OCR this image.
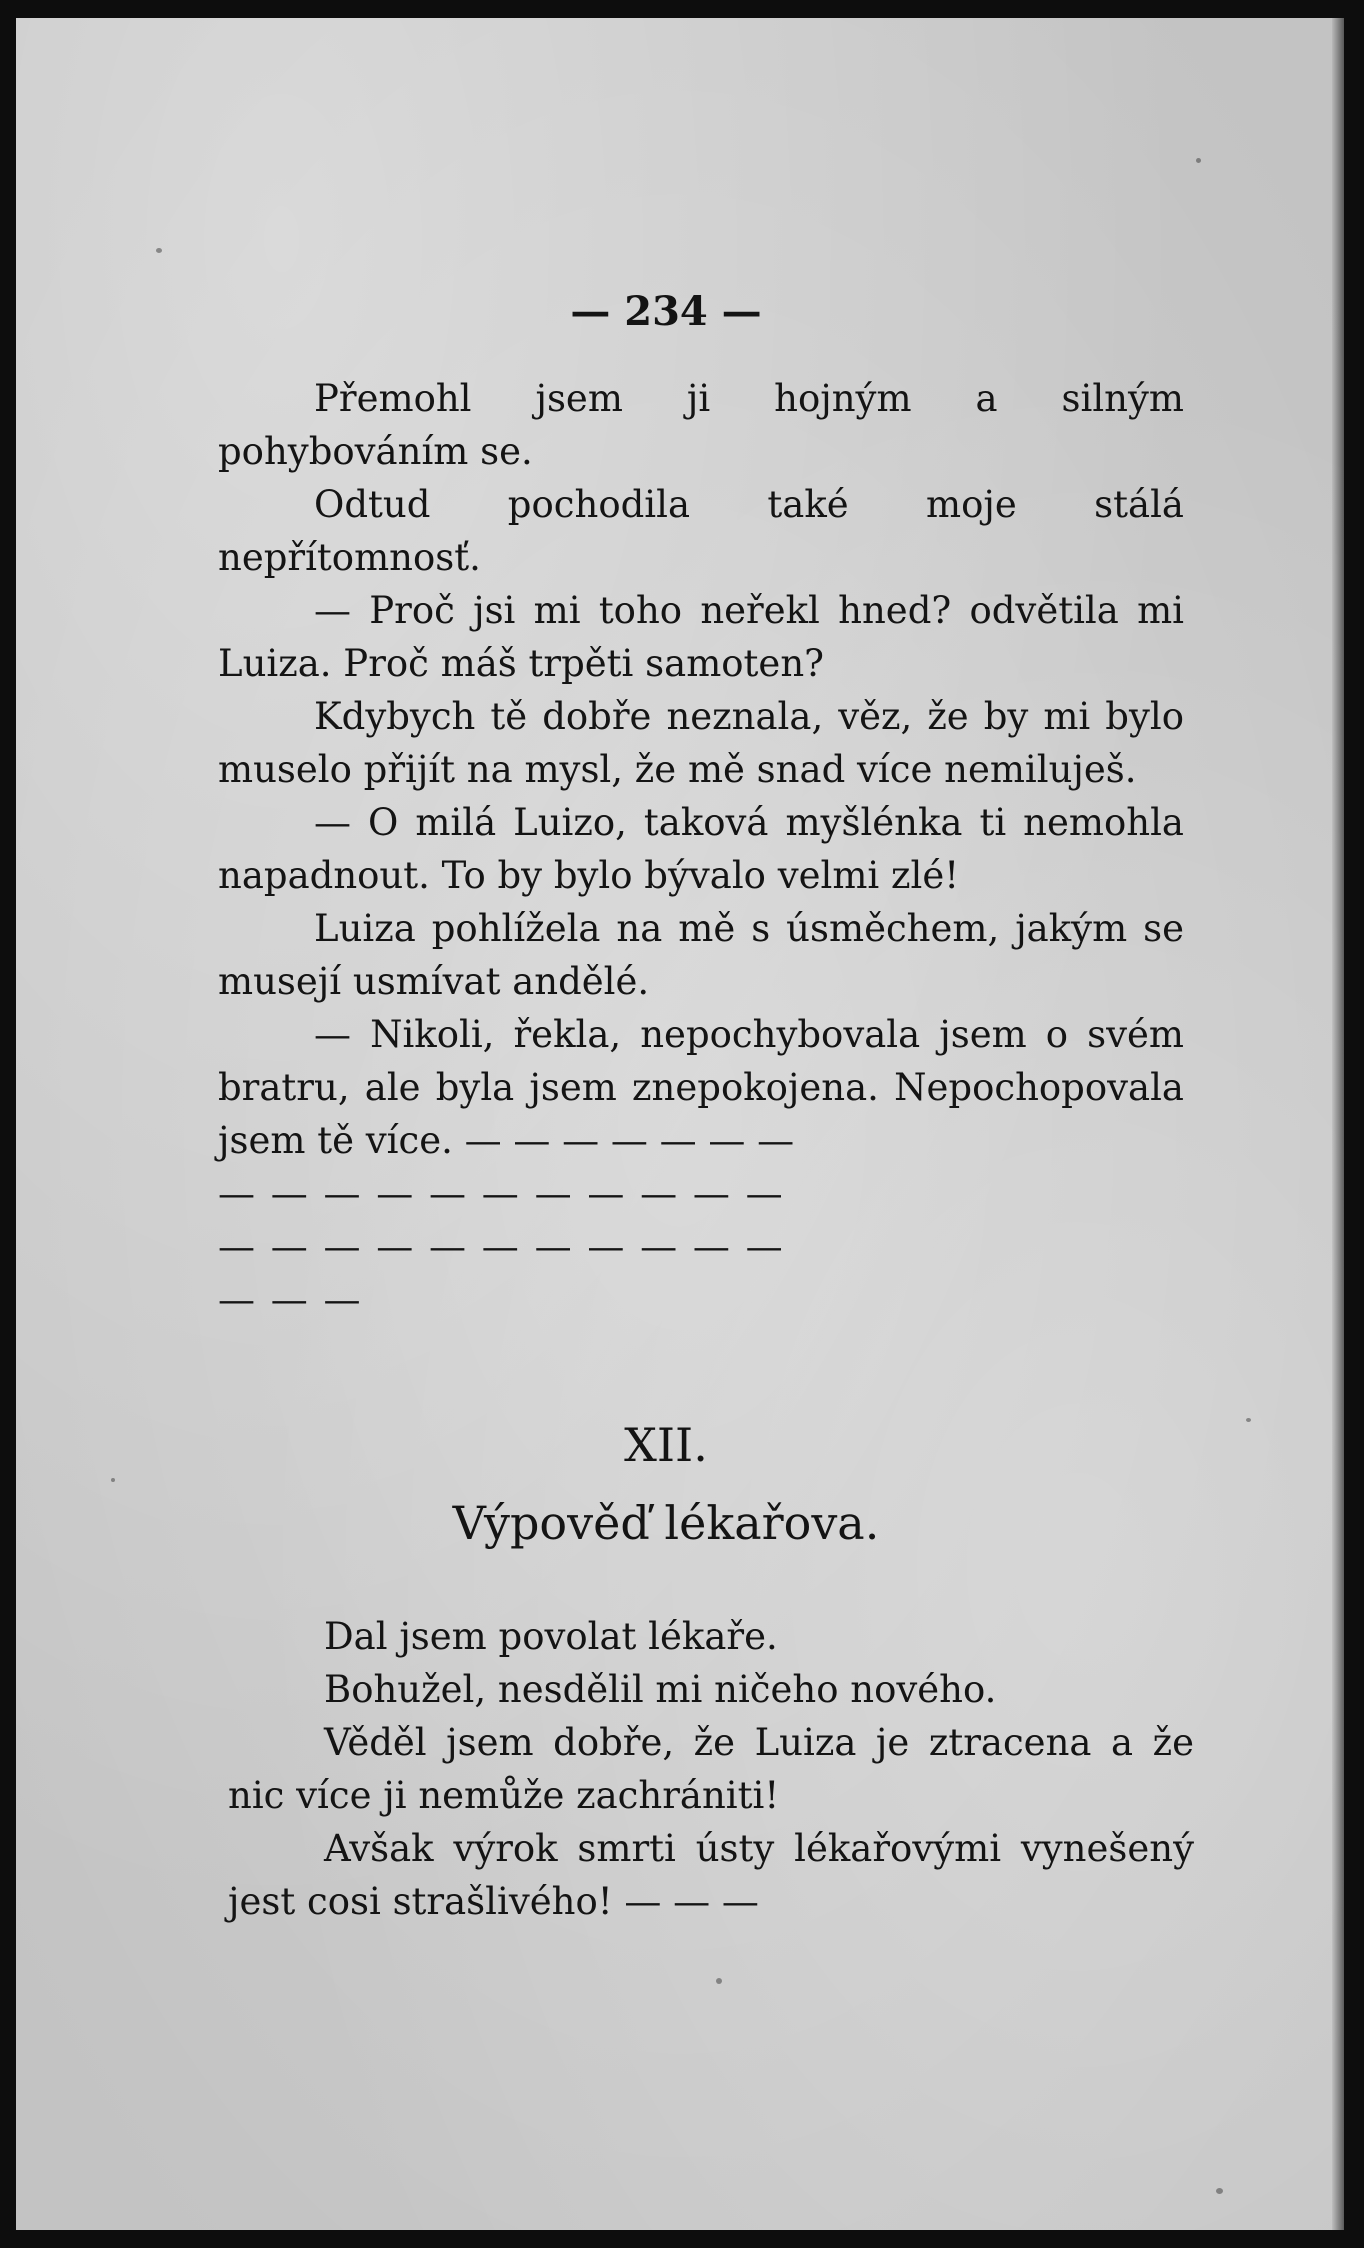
— 234 —

Přemohl jsem ji hojným a silným pohybováním se.

Odtud pochodila také moje stálá nepřítomnosť.

— Proč jsi mi toho neřekl hned? odvětila mi Luiza. Proč máš trpěti samoten?

Kdybych tě dobře neznala, věz, že by mi bylo muselo přijít na mysl, že mě snad více nemiluješ.

— O milá Luizo, taková myšlénka ti nemohla napadnout. To by bylo bývalo velmi zlé!

Luiza pohlížela na mě s úsměchem, jakým se musejí usmívat andělé.

— Nikoli, řekla, nepochybovala jsem o svém bratru, ale byla jsem znepokojena. Nepochopovala jsem tě více. — — — — — — —

— — — — — — — — — — —
— — — — — — — — — — —
— — —
XII.
Výpověď lékařova.

Dal jsem povolat lékaře.

Bohužel, nesdělil mi ničeho nového.

Věděl jsem dobře, že Luiza je ztracena a že nic více ji nemůže zachrániti!

Avšak výrok smrti ústy lékařovými vynešený jest cosi strašlivého! — — —
